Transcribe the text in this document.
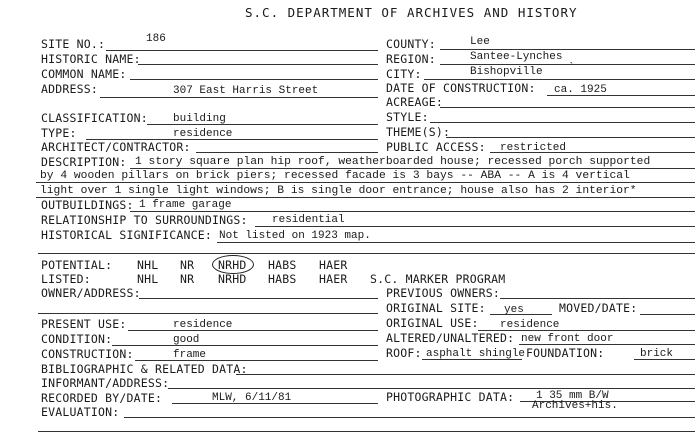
S.C. DEPARTMENT OF ARCHIVES AND HISTORY
SITE NO.:	186	COUNTY:	Lee
HISTORIC NAME:	REGION:	Santee-Lynches
COMMON NAME:	CITY:	Bishopville `
ADDRESS:	307 East Harris Street	DATE OF CONSTRUCTION: ca. 1925
ACREAGE:
CLASSIFICATION: building	STYLE:
TYPE:	residence	THEME(S):
ARCHITECT/CONTRACTOR:	PUBLIC ACCESS: restricted
DESCRIPTION: 1 story square plan hip roof, weatherboarded house; recessed porch supported
by 4 wooden pillars on brick piers; recessed facade is 3 bays -- ABA -- A is 4 vertical
light over 1 single light windows; B is single door entrance; house also has 2 interior*
OUTBUILDINGS: 1 frame garage
RELATIONSHIP TO SURROUNDINGS: residential
HISTORICAL SIGNIFICANCE: Not listed on 1923 map.
POTENTIAL: NHL NR NRHD HABS HAER
LISTED:	NHL NR NRHD HABS HAER S.C. MARKER PROGRAM
OWNER/ADDRESS:	PREVIOUS OWNERS:
ORIGINAL SITE: yes	MOVED/DATE:
PRESENT USE:	residence	ORIGINAL USE: residence
CONDITION:	good	ALTERED/UNALTERED: new front door
CONSTRUCTION:	frame	ROOF: asphalt shingle FOUNDATION:	brick
BIBLIOGRAPHIC & RELATED DATA:
INFORMANT/ADDRESS:
RECORDED BY/DATE:	MLW, 6/11/81	PHOTOGRAPHIC DATA: 1 35 mm B/W
Archives+his.
EVALUATION:
